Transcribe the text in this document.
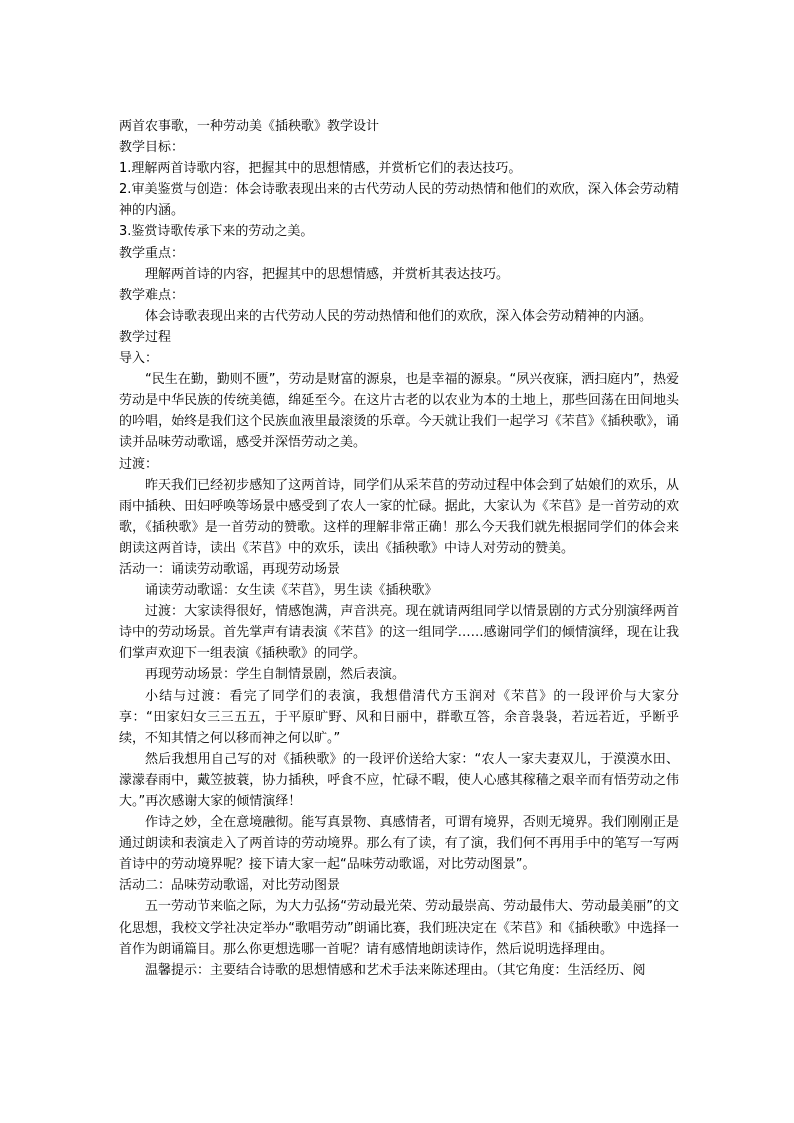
两首农事歌，一种劳动美《插秧歌》教学设计

教学目标：

1.理解两首诗歌内容，把握其中的思想情感，并赏析它们的表达技巧。

2.审美鉴赏与创造：体会诗歌表现出来的古代劳动人民的劳动热情和他们的欢欣，深入体会劳动精神的内涵。

3.鉴赏诗歌传承下来的劳动之美。

教学重点：

理解两首诗的内容，把握其中的思想情感，并赏析其表达技巧。

教学难点：

体会诗歌表现出来的古代劳动人民的劳动热情和他们的欢欣，深入体会劳动精神的内涵。

教学过程

导入：

“民生在勤，勤则不匮”，劳动是财富的源泉，也是幸福的源泉。“夙兴夜寐，洒扫庭内”，热爱劳动是中华民族的传统美德，绵延至今。在这片古老的以农业为本的土地上，那些回荡在田间地头的吟唱，始终是我们这个民族血液里最滚烫的乐章。今天就让我们一起学习《芣苢》《插秧歌》，诵读并品味劳动歌谣，感受并深悟劳动之美。

过渡：

昨天我们已经初步感知了这两首诗，同学们从采芣苢的劳动过程中体会到了姑娘们的欢乐，从雨中插秧、田妇呼唤等场景中感受到了农人一家的忙碌。据此，大家认为《芣苢》是一首劳动的欢歌，《插秧歌》是一首劳动的赞歌。这样的理解非常正确！那么今天我们就先根据同学们的体会来朗读这两首诗，读出《芣苢》中的欢乐，读出《插秧歌》中诗人对劳动的赞美。

活动一：诵读劳动歌谣，再现劳动场景

诵读劳动歌谣：女生读《芣苢》，男生读《插秧歌》

过渡：大家读得很好，情感饱满，声音洪亮。现在就请两组同学以情景剧的方式分别演绎两首诗中的劳动场景。首先掌声有请表演《芣苢》的这一组同学……感谢同学们的倾情演绎，现在让我们掌声欢迎下一组表演《插秧歌》的同学。

再现劳动场景：学生自制情景剧，然后表演。

小结与过渡：看完了同学们的表演，我想借清代方玉润对《芣苢》的一段评价与大家分享：“田家妇女三三五五，于平原旷野、风和日丽中，群歌互答，余音袅袅，若远若近，乎断乎续，不知其情之何以移而神之何以旷。”

然后我想用自己写的对《插秧歌》的一段评价送给大家：“农人一家夫妻双儿，于漠漠水田、濛濛春雨中，戴笠披蓑，协力插秧，呼食不应，忙碌不暇，使人心感其稼穑之艰辛而有悟劳动之伟大。”再次感谢大家的倾情演绎！

作诗之妙，全在意境融彻。能写真景物、真感情者，可谓有境界，否则无境界。我们刚刚正是通过朗读和表演走入了两首诗的劳动境界。那么有了读，有了演，我们何不再用手中的笔写一写两首诗中的劳动境界呢？接下请大家一起“品味劳动歌谣，对比劳动图景”。

活动二：品味劳动歌谣，对比劳动图景

五一劳动节来临之际，为大力弘扬“劳动最光荣、劳动最崇高、劳动最伟大、劳动最美丽”的文化思想，我校文学社决定举办“歌唱劳动”朗诵比赛，我们班决定在《芣苢》和《插秧歌》中选择一首作为朗诵篇目。那么你更想选哪一首呢？请有感情地朗读诗作，然后说明选择理由。

温馨提示：主要结合诗歌的思想情感和艺术手法来陈述理由。（其它角度：生活经历、阅
